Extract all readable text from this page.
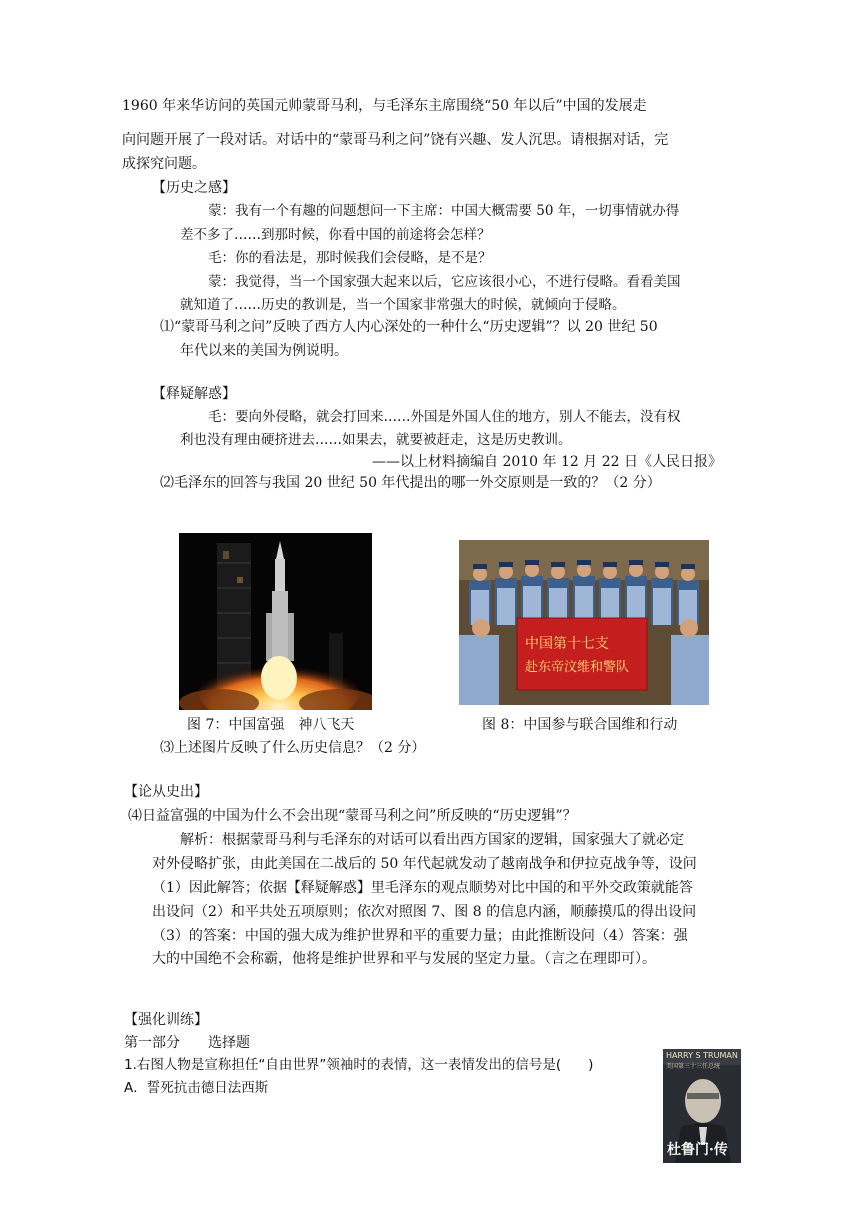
1960 年来华访问的英国元帅蒙哥马利，与毛泽东主席围绕“50 年以后”中国的发展走
向问题开展了一段对话。对话中的“蒙哥马利之问”饶有兴趣、发人沉思。请根据对话，完
成探究问题。
【历史之感】
蒙：我有一个有趣的问题想问一下主席：中国大概需要 50 年，一切事情就办得
差不多了……到那时候，你看中国的前途将会怎样？
毛：你的看法是，那时候我们会侵略，是不是？
蒙：我觉得，当一个国家强大起来以后，它应该很小心，不进行侵略。看看美国
就知道了……历史的教训是，当一个国家非常强大的时候，就倾向于侵略。
⑴“蒙哥马利之问”反映了西方人内心深处的一种什么“历史逻辑”？以 20 世纪 50
年代以来的美国为例说明。
【释疑解惑】
毛：要向外侵略，就会打回来……外国是外国人住的地方，别人不能去，没有权
利也没有理由硬挤进去……如果去，就要被赶走，这是历史教训。
——以上材料摘编自 2010 年 12 月 22 日《人民日报》
⑵毛泽东的回答与我国 20 世纪 50 年代提出的哪一外交原则是一致的？（2 分）
中国第十七支
赴东帝汶维和警队
图 7：中国富强　神八飞天	图 8：中国参与联合国维和行动
⑶上述图片反映了什么历史信息？（2 分）
【论从史出】
⑷日益富强的中国为什么不会出现“蒙哥马利之问”所反映的“历史逻辑”？
解析：根据蒙哥马利与毛泽东的对话可以看出西方国家的逻辑，国家强大了就必定
对外侵略扩张，由此美国在二战后的 50 年代起就发动了越南战争和伊拉克战争等，设问
（1）因此解答；依据【释疑解惑】里毛泽东的观点顺势对比中国的和平外交政策就能答
出设问（2）和平共处五项原则；依次对照图 7、图 8 的信息内涵，顺藤摸瓜的得出设问
（3）的答案：中国的强大成为维护世界和平的重要力量；由此推断设问（4）答案：强
大的中国绝不会称霸，他将是维护世界和平与发展的坚定力量。（言之在理即可）。
【强化训练】
第一部分　　选择题
1.右图人物是宣称担任“自由世界”领袖时的表情，这一表情发出的信号是(　　)
A．誓死抗击德日法西斯
HARRY S TRUMAN
美国第三十三任总统
杜鲁门·传
